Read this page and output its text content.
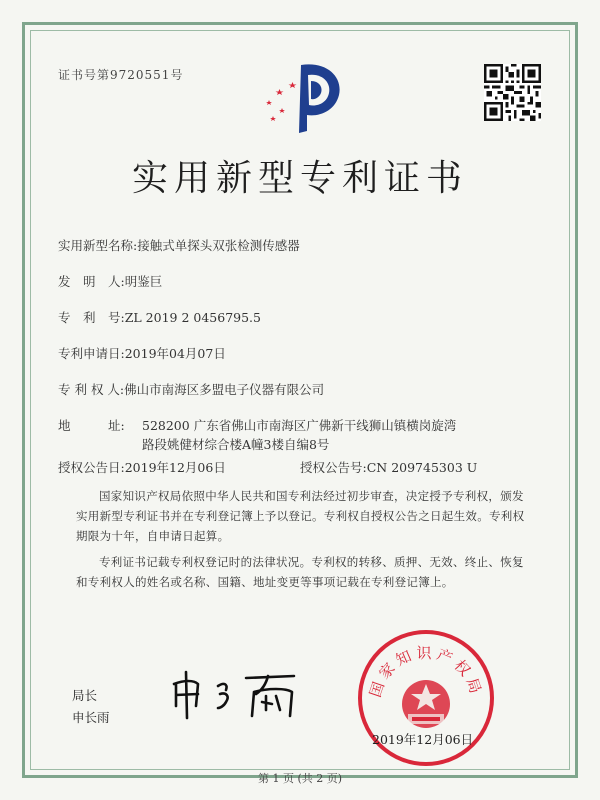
证书号第9720551号
实用新型专利证书
实用新型名称:接触式单探头双张检测传感器
发　明　人:明鉴巨
专　利　号:ZL 2019 2 0456795.5
专利申请日:2019年04月07日
专 利 权 人:佛山市南海区多盟电子仪器有限公司
地　　　址: 528200 广东省佛山市南海区广佛新干线狮山镇横岗旋湾
路段姚健材综合楼A幢3楼自编8号
授权公告日:2019年12月06日	授权公告号:CN 209745303 U
国家知识产权局依照中华人民共和国专利法经过初步审查，决定授予专利权，颁发实用新型专利证书并在专利登记簿上予以登记。专利权自授权公告之日起生效。专利权期限为十年，自申请日起算。
专利证书记载专利权登记时的法律状况。专利权的转移、质押、无效、终止、恢复和专利权人的姓名或名称、国籍、地址变更等事项记载在专利登记簿上。
局长
申长雨
国家知识产权局
2019年12月06日
第 1 页 (共 2 页)
